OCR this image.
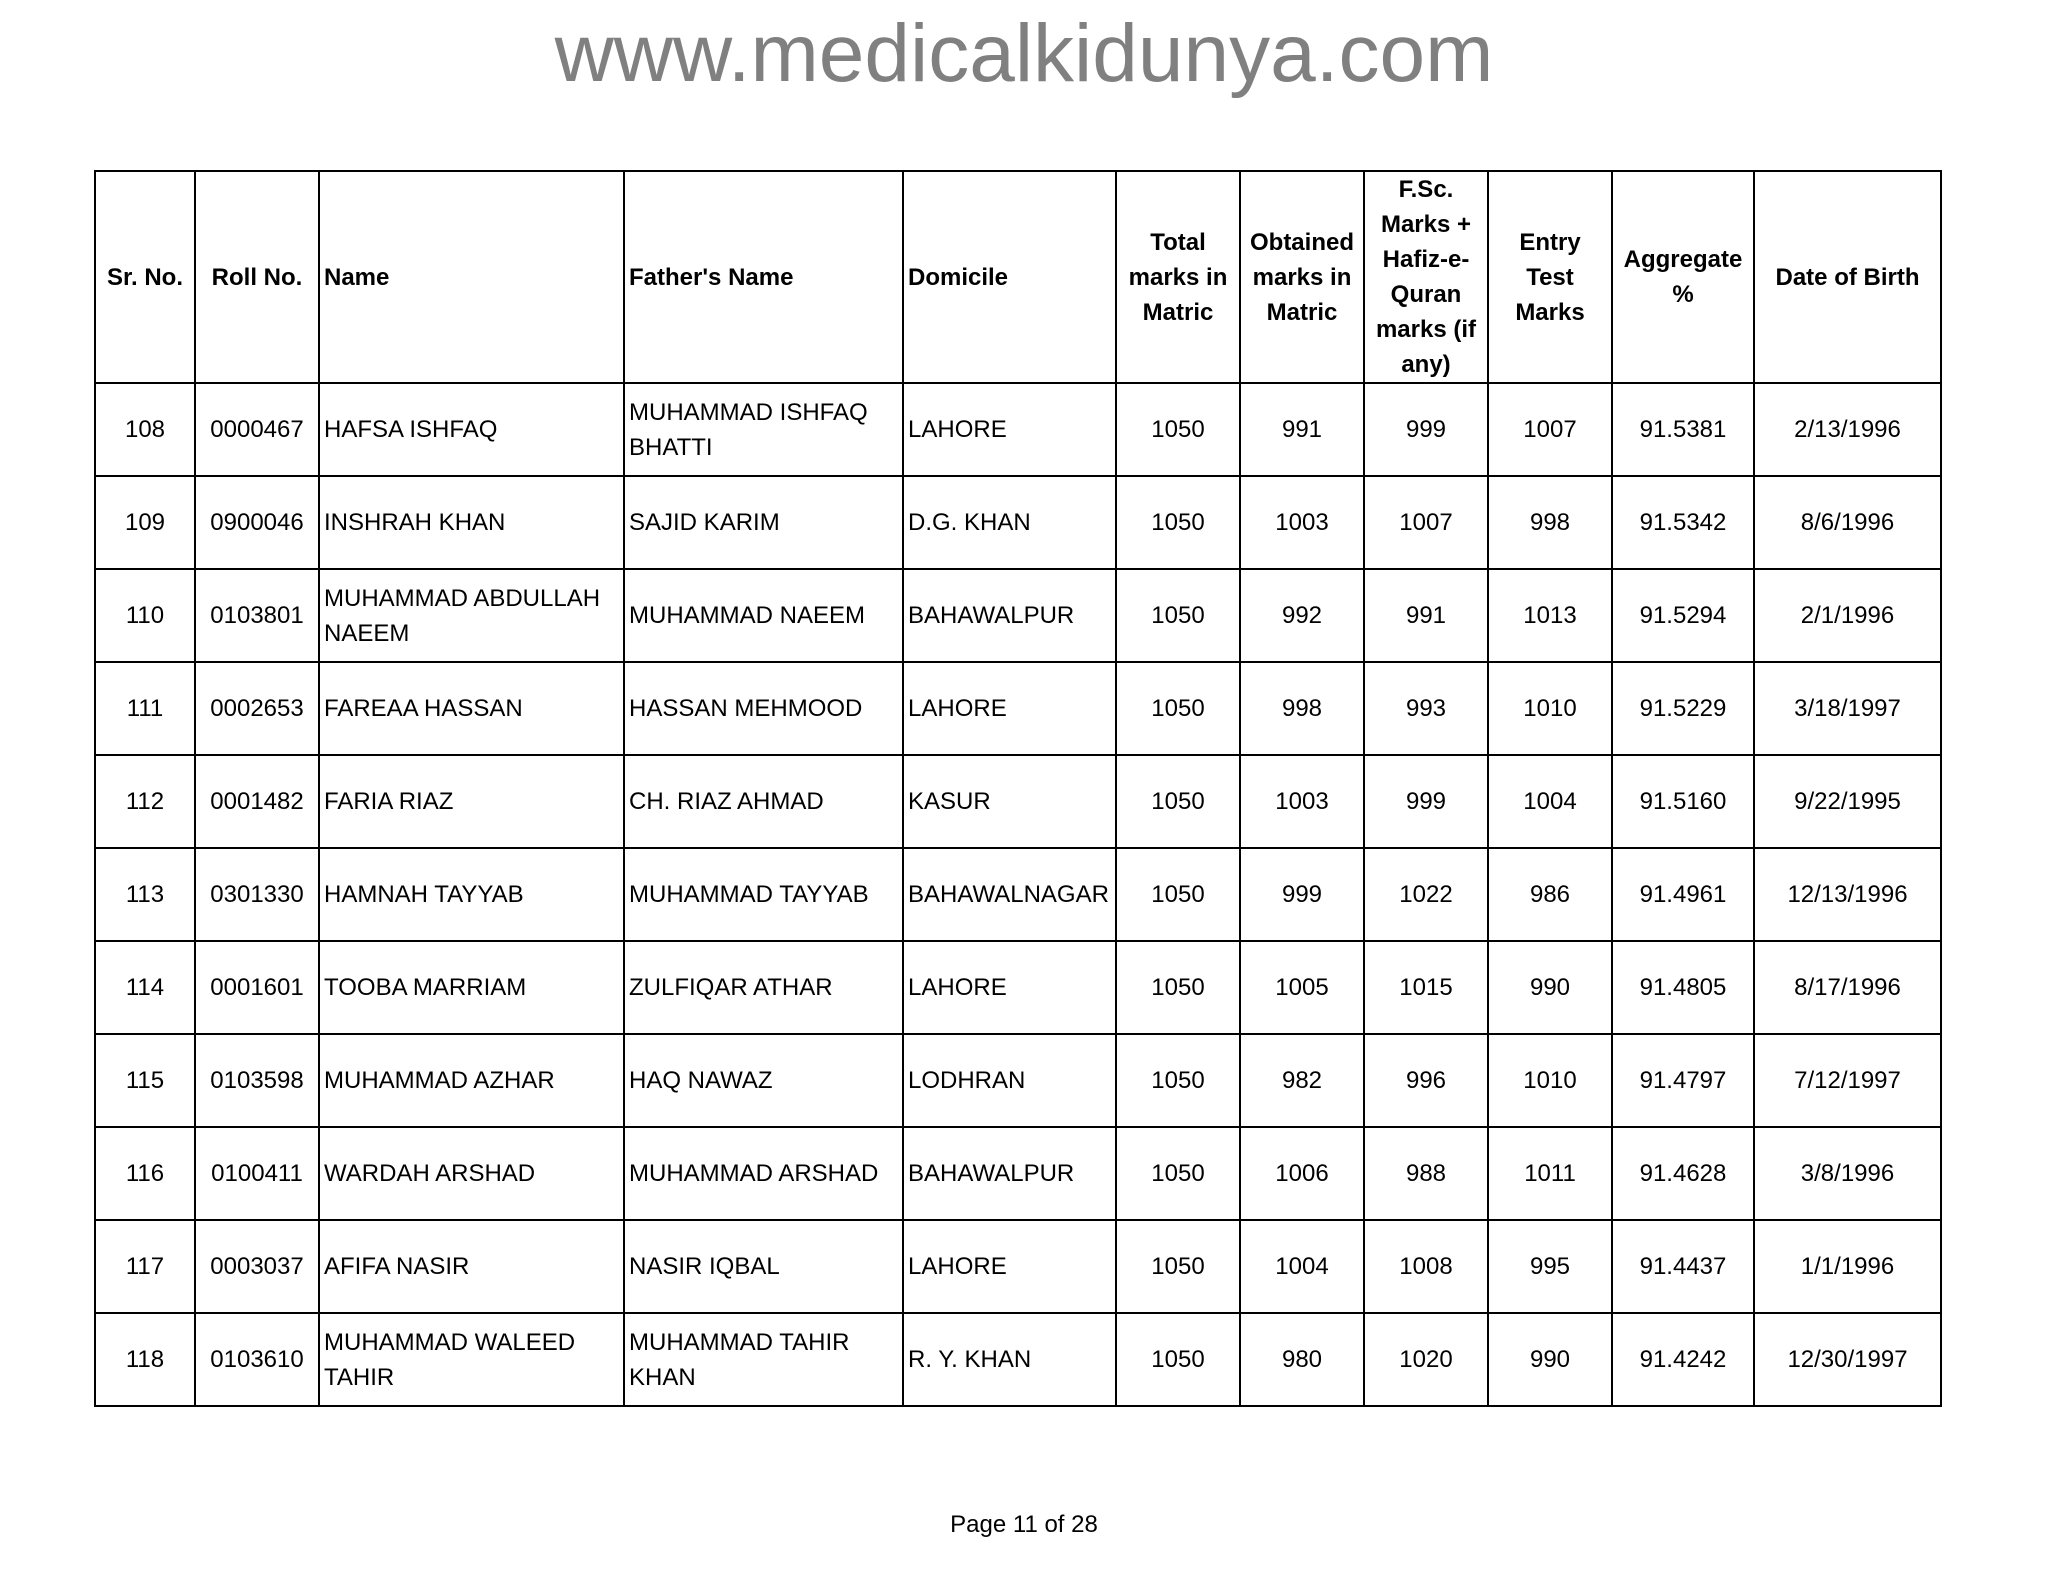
www.medicalkidunya.com
Sr. No.	Roll No.	Name	Father's Name	Domicile	Total marks in Matric	Obtained marks in Matric	F.Sc. Marks + Hafiz-e-Quran marks (if any)	Entry Test Marks	Aggregate %	Date of Birth
108	0000467	HAFSA ISHFAQ	MUHAMMAD ISHFAQ BHATTI	LAHORE	1050	991	999	1007	91.5381	2/13/1996
109	0900046	INSHRAH KHAN	SAJID KARIM	D.G. KHAN	1050	1003	1007	998	91.5342	8/6/1996
110	0103801	MUHAMMAD ABDULLAH NAEEM	MUHAMMAD NAEEM	BAHAWALPUR	1050	992	991	1013	91.5294	2/1/1996
111	0002653	FAREAA HASSAN	HASSAN MEHMOOD	LAHORE	1050	998	993	1010	91.5229	3/18/1997
112	0001482	FARIA RIAZ	CH. RIAZ AHMAD	KASUR	1050	1003	999	1004	91.5160	9/22/1995
113	0301330	HAMNAH TAYYAB	MUHAMMAD TAYYAB	BAHAWALNAGAR	1050	999	1022	986	91.4961	12/13/1996
114	0001601	TOOBA MARRIAM	ZULFIQAR ATHAR	LAHORE	1050	1005	1015	990	91.4805	8/17/1996
115	0103598	MUHAMMAD AZHAR	HAQ NAWAZ	LODHRAN	1050	982	996	1010	91.4797	7/12/1997
116	0100411	WARDAH ARSHAD	MUHAMMAD ARSHAD	BAHAWALPUR	1050	1006	988	1011	91.4628	3/8/1996
117	0003037	AFIFA NASIR	NASIR IQBAL	LAHORE	1050	1004	1008	995	91.4437	1/1/1996
118	0103610	MUHAMMAD WALEED TAHIR	MUHAMMAD TAHIR KHAN	R. Y. KHAN	1050	980	1020	990	91.4242	12/30/1997
Page 11 of 28
